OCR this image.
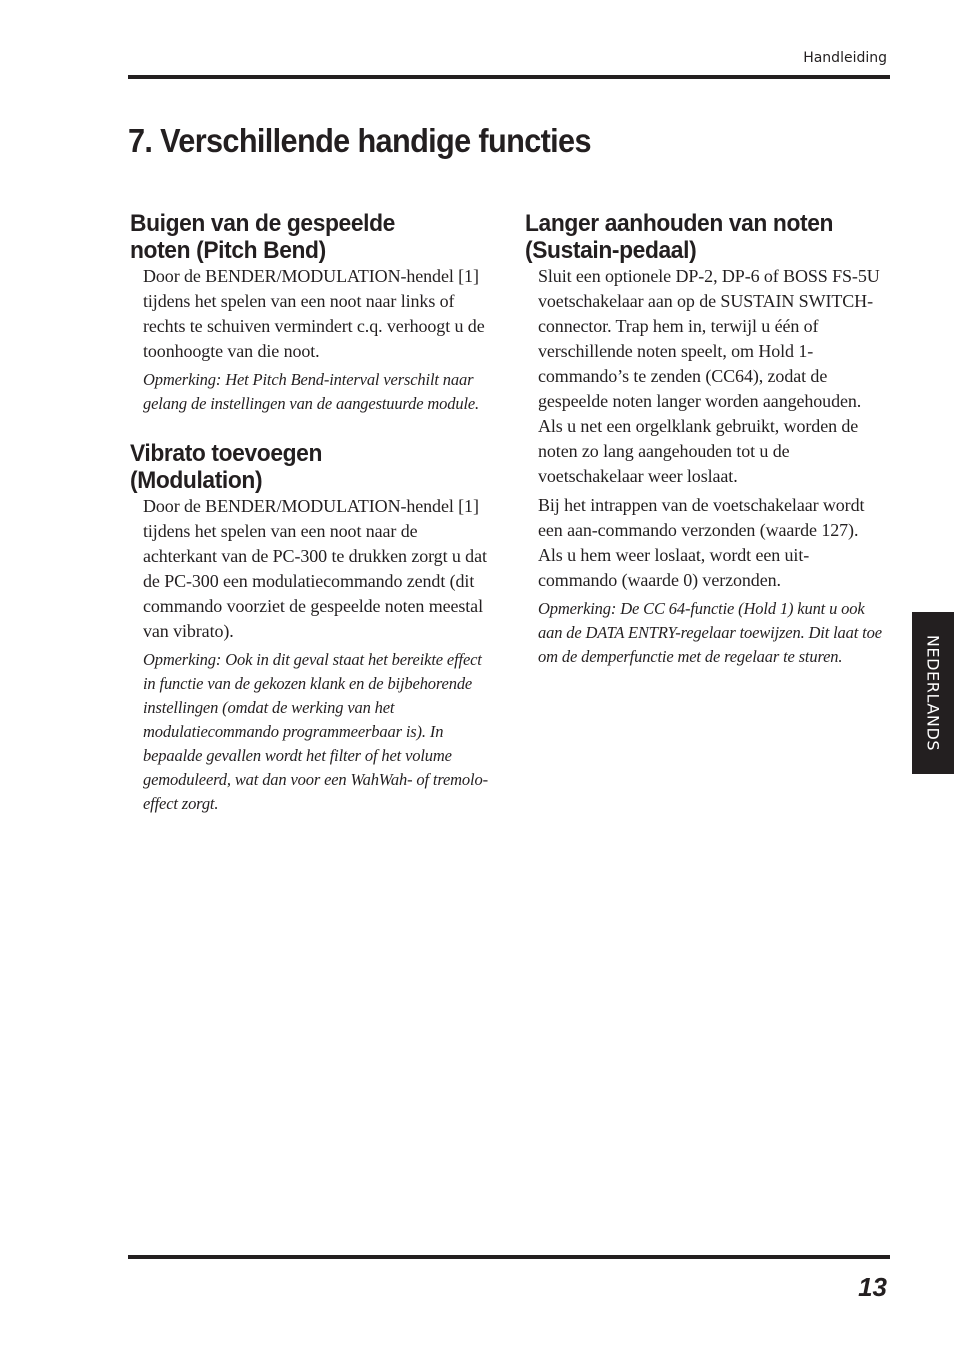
Handleiding
7. Verschillende handige functies
Buigen van de gespeelde
noten (Pitch Bend)

Door de BENDER/MODULATION-hendel [1] tijdens het spelen van een noot naar links of rechts te schuiven vermindert c.q. verhoogt u de toonhoogte van die noot.

Opmerking: Het Pitch Bend-interval verschilt naar gelang de instellingen van de aangestuurde module.

Vibrato toevoegen
(Modulation)

Door de BENDER/MODULATION-hendel [1] tijdens het spelen van een noot naar de achterkant van de PC-300 te drukken zorgt u dat de PC-300 een modulatiecommando zendt (dit commando voorziet de gespeelde noten meestal van vibrato).

Opmerking: Ook in dit geval staat het bereikte effect in functie van de gekozen klank en de bijbehorende instellingen (omdat de werking van het modulatiecommando programmeerbaar is). In bepaalde gevallen wordt het filter of het volume gemoduleerd, wat dan voor een WahWah- of tremolo-effect zorgt.

Langer aanhouden van noten
(Sustain-pedaal)

Sluit een optionele DP-2, DP-6 of BOSS FS-5U voetschakelaar aan op de SUSTAIN SWITCH-connector. Trap hem in, terwijl u één of verschillende noten speelt, om Hold 1-commando’s te zenden (CC64), zodat de gespeelde noten langer worden aangehouden. Als u net een orgelklank gebruikt, worden de noten zo lang aangehouden tot u de voetschakelaar weer loslaat.

Bij het intrappen van de voetschakelaar wordt een aan-commando verzonden (waarde 127). Als u hem weer loslaat, wordt een uit-commando (waarde 0) verzonden.

Opmerking: De CC 64-functie (Hold 1) kunt u ook aan de DATA ENTRY-regelaar toewijzen. Dit laat toe om de demperfunctie met de regelaar te sturen.	NEDERLANDS
13
